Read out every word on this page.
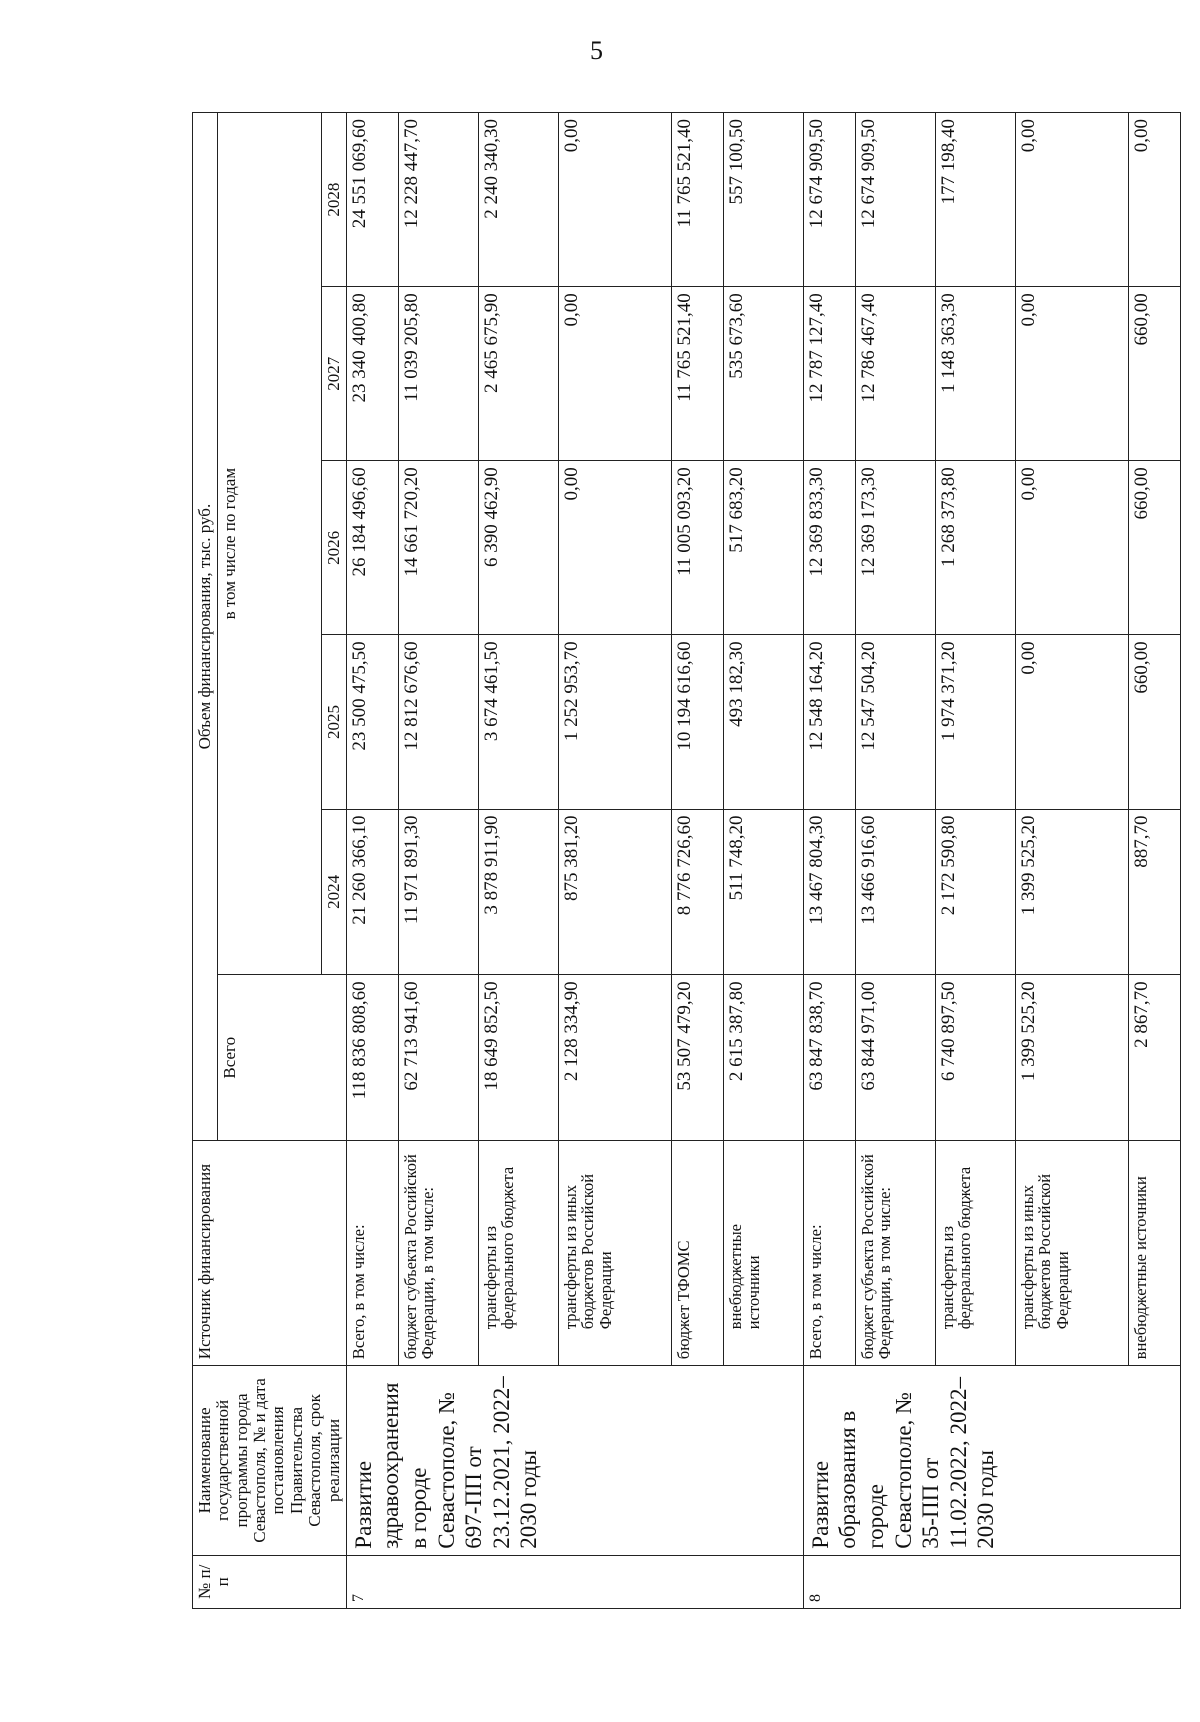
5
№ п/п	Наименование государственной программы города Севастополя, № и дата постановления Правительства Севастополя, срок реализации	Источник финансирования	Объем финансирования, тыс. руб.					
			Всего	в том числе по годам				
				2024	2025	2026	2027	2028
7	Развитие здравоохранения в городе Севастополе, № 697-ПП от 23.12.2021, 2022–2030 годы	Всего, в том числе:	118 836 808,60	21 260 366,10	23 500 475,50	26 184 496,60	23 340 400,80	24 551 069,60
		бюджет субъекта Российской Федерации, в том числе:	62 713 941,60	11 971 891,30	12 812 676,60	14 661 720,20	11 039 205,80	12 228 447,70
		трансферты из федерального бюджета	18 649 852,50	3 878 911,90	3 674 461,50	6 390 462,90	2 465 675,90	2 240 340,30
		трансферты из иных бюджетов Российской Федерации	2 128 334,90	875 381,20	1 252 953,70	0,00	0,00	0,00
		бюджет ТФОМС	53 507 479,20	8 776 726,60	10 194 616,60	11 005 093,20	11 765 521,40	11 765 521,40
		внебюджетные источники	2 615 387,80	511 748,20	493 182,30	517 683,20	535 673,60	557 100,50
8	Развитие образования в городе Севастополе, № 35-ПП от 11.02.2022, 2022–2030 годы	Всего, в том числе:	63 847 838,70	13 467 804,30	12 548 164,20	12 369 833,30	12 787 127,40	12 674 909,50
		бюджет субъекта Российской Федерации, в том числе:	63 844 971,00	13 466 916,60	12 547 504,20	12 369 173,30	12 786 467,40	12 674 909,50
		трансферты из федерального бюджета	6 740 897,50	2 172 590,80	1 974 371,20	1 268 373,80	1 148 363,30	177 198,40
		трансферты из иных бюджетов Российской Федерации	1 399 525,20	1 399 525,20	0,00	0,00	0,00	0,00
		внебюджетные источники	2 867,70	887,70	660,00	660,00	660,00	0,00
